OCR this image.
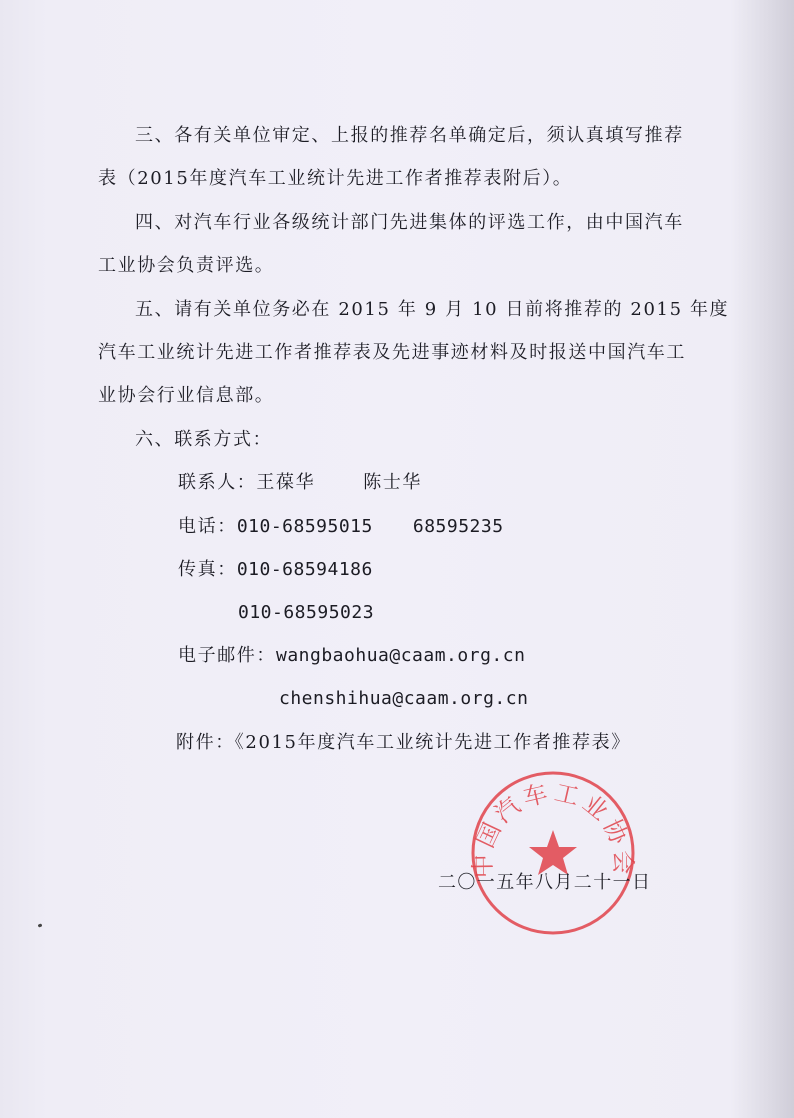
三、各有关单位审定、上报的推荐名单确定后，须认真填写推荐
表（2015年度汽车工业统计先进工作者推荐表附后）。
四、对汽车行业各级统计部门先进集体的评选工作，由中国汽车
工业协会负责评选。
五、请有关单位务必在 2015 年 9 月 10 日前将推荐的 2015 年度
汽车工业统计先进工作者推荐表及先进事迹材料及时报送中国汽车工
业协会行业信息部。
六、联系方式：
联系人：王葆华	陈士华
电话：010-68595015 68595235
传真：010-68594186
010-68595023
电子邮件：wangbaohua@caam.org.cn
chenshihua@caam.org.cn
附件：《2015年度汽车工业统计先进工作者推荐表》
中国汽车工业协会
二〇一五年八月二十一日
